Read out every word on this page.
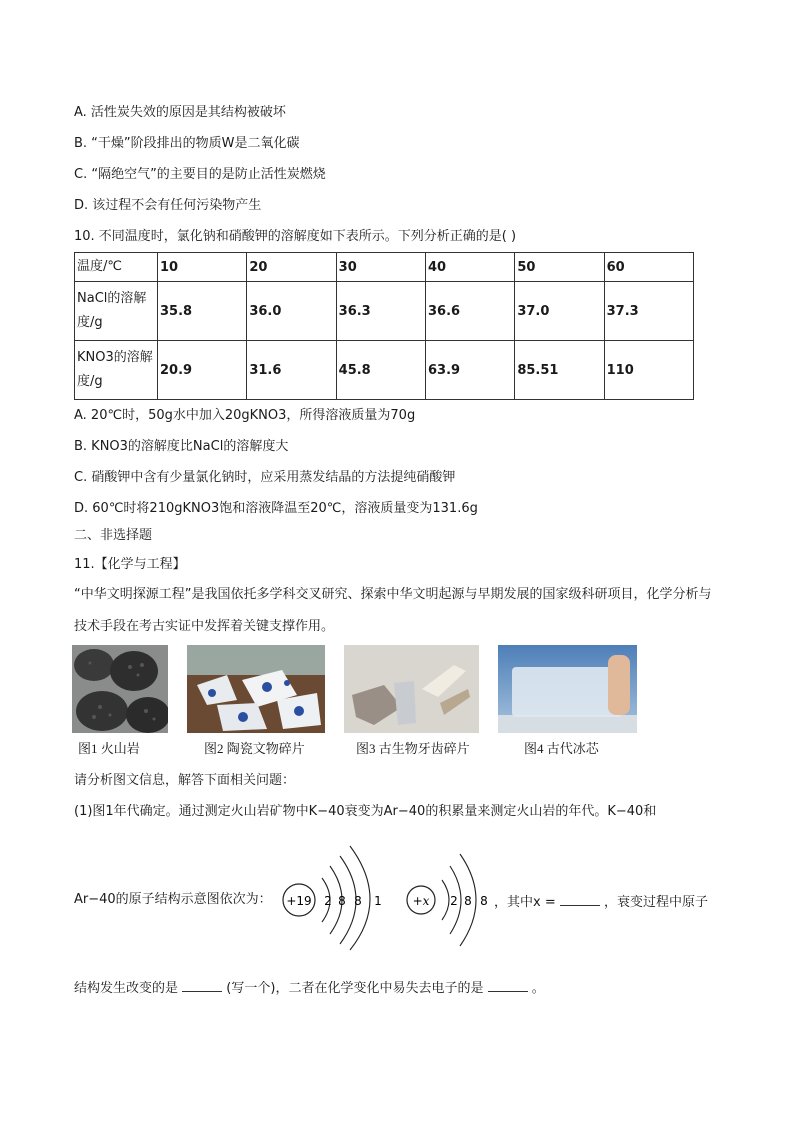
A. 活性炭失效的原因是其结构被破坏
B. “干燥”阶段排出的物质W是二氧化碳
C. “隔绝空气”的主要目的是防止活性炭燃烧
D. 该过程不会有任何污染物产生
10. 不同温度时，氯化钠和硝酸钾的溶解度如下表所示。下列分析正确的是( )
温度/℃	10	20	30	40	50	60

NaCl的溶解
度/g	35.8	36.0	36.3	36.6	37.0	37.3

KNO3的溶解
度/g	20.9	31.6	45.8	63.9	85.51	110
A. 20℃时，50g水中加入20gKNO3，所得溶液质量为70g
B. KNO3的溶解度比NaCl的溶解度大
C. 硝酸钾中含有少量氯化钠时，应采用蒸发结晶的方法提纯硝酸钾
D. 60℃时将210gKNO3饱和溶液降温至20℃，溶液质量变为131.6g
二、非选择题
11.【化学与工程】
“中华文明探源工程”是我国依托多学科交叉研究、探索中华文明起源与早期发展的国家级科研项目，化学分析与技术手段在考古实证中发挥着关键支撑作用。
图1 火山岩	图2 陶瓷文物碎片	图3 古生物牙齿碎片	图4 古代冰芯
请分析图文信息，解答下面相关问题：
(1)图1年代确定。通过测定火山岩矿物中K−40衰变为Ar−40的积累量来测定火山岩的年代。K−40和
Ar−40的原子结构示意图依次为： +19 2 8 8 1	+x 2 8 8 ，其中x =	，衰变过程中原子
结构发生改变的是	(写一个)，二者在化学变化中易失去电子的是	。
